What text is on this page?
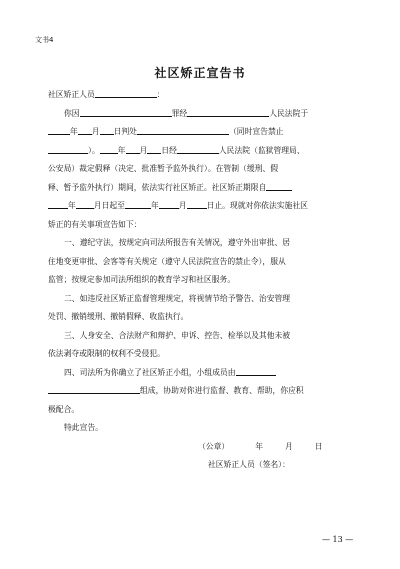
文书4
社区矫正宣告书
社区矫正人员	：
你因	罪经	人民法院于
年 月 日判处	（同时宣告禁止
）。 年 月 日经	人民法院（监狱管理局、
公安局）裁定假释（决定、批准暂予监外执行）。在管制（缓刑、假
释、暂予监外执行）期间，依法实行社区矫正。社区矫正期限自
年 月日起至	年	月	日止。现就对你依法实施社区
矫正的有关事项宣告如下：
一、遵纪守法，按规定向司法所报告有关情况，遵守外出审批、居
住地变更审批、会客等有关规定（遵守人民法院宣告的禁止令），服从
监管；按规定参加司法所组织的教育学习和社区服务。
二、如违反社区矫正监督管理规定，将视情节给予警告、治安管理
处罚、撤销缓刑、撤销假释、收监执行。
三、人身安全、合法财产和辩护、申诉、控告、检举以及其他未被
依法剥夺或限制的权利不受侵犯。
四、司法所为你确立了社区矫正小组，小组成员由
组成，协助对你进行监督、教育、帮助，你应积
极配合。
特此宣告。
（公章）	年	月	日
社区矫正人员（签名）：
— 13 —
